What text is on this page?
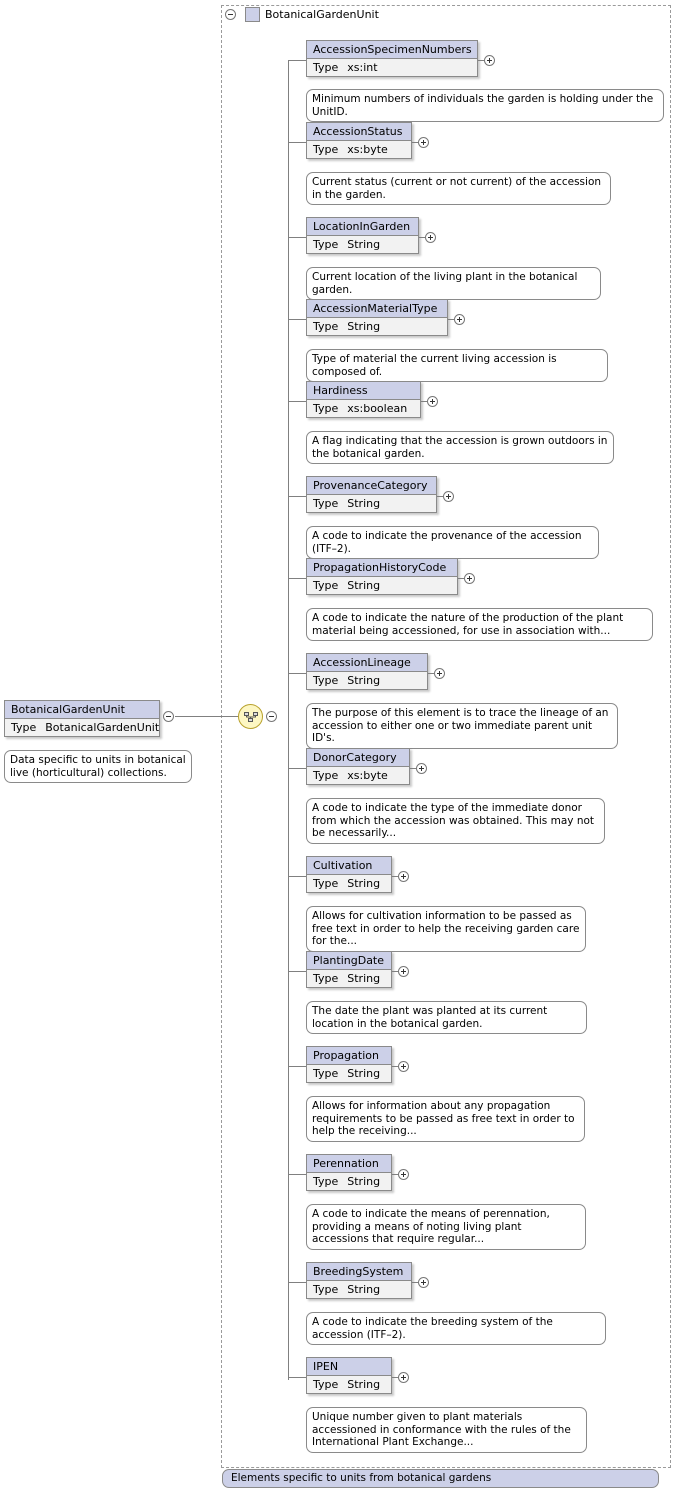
BotanicalGardenUnit
BotanicalGardenUnit
Type BotanicalGardenUnit
Data specific to units in botanical live (horticultural) collections.
AccessionSpecimenNumbers
Type xs:int
Minimum numbers of individuals the garden is holding under the UnitID.
AccessionStatus
Type xs:byte
Current status (current or not current) of the accession in the garden.
LocationInGarden
Type String
Current location of the living plant in the botanical garden.
AccessionMaterialType
Type String
Type of material the current living accession is composed of.
Hardiness
Type xs:boolean
A flag indicating that the accession is grown outdoors in the botanical garden.
ProvenanceCategory
Type String
A code to indicate the provenance of the accession (ITF–2).
PropagationHistoryCode
Type String
A code to indicate the nature of the production of the plant material being accessioned, for use in association with...
AccessionLineage
Type String
The purpose of this element is to trace the lineage of an accession to either one or two immediate parent unit ID's.
DonorCategory
Type xs:byte
A code to indicate the type of the immediate donor from which the accession was obtained. This may not be necessarily...
Cultivation
Type String
Allows for cultivation information to be passed as free text in order to help the receiving garden care for the...
PlantingDate
Type String
The date the plant was planted at its current location in the botanical garden.
Propagation
Type String
Allows for information about any propagation requirements to be passed as free text in order to help the receiving...
Perennation
Type String
A code to indicate the means of perennation, providing a means of noting living plant accessions that require regular...
BreedingSystem
Type String
A code to indicate the breeding system of the accession (ITF–2).
IPEN
Type String
Unique number given to plant materials accessioned in conformance with the rules of the International Plant Exchange...
Elements specific to units from botanical gardens
